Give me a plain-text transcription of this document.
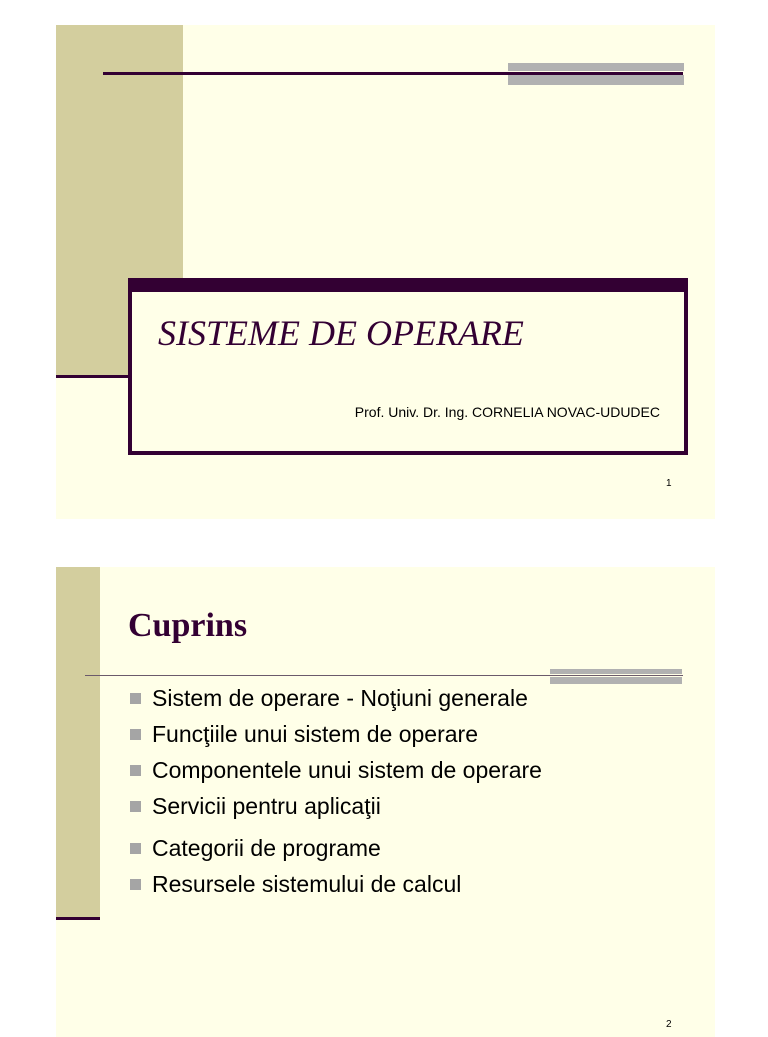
SISTEME DE OPERARE

Prof. Univ. Dr. Ing. CORNELIA NOVAC-UDUDEC

1
Cuprins
Sistem de operare - Noţiuni generale
Funcţiile unui sistem de operare
Componentele unui sistem de operare
Servicii pentru aplicaţii
Categorii de programe
Resursele sistemului de calcul
2
